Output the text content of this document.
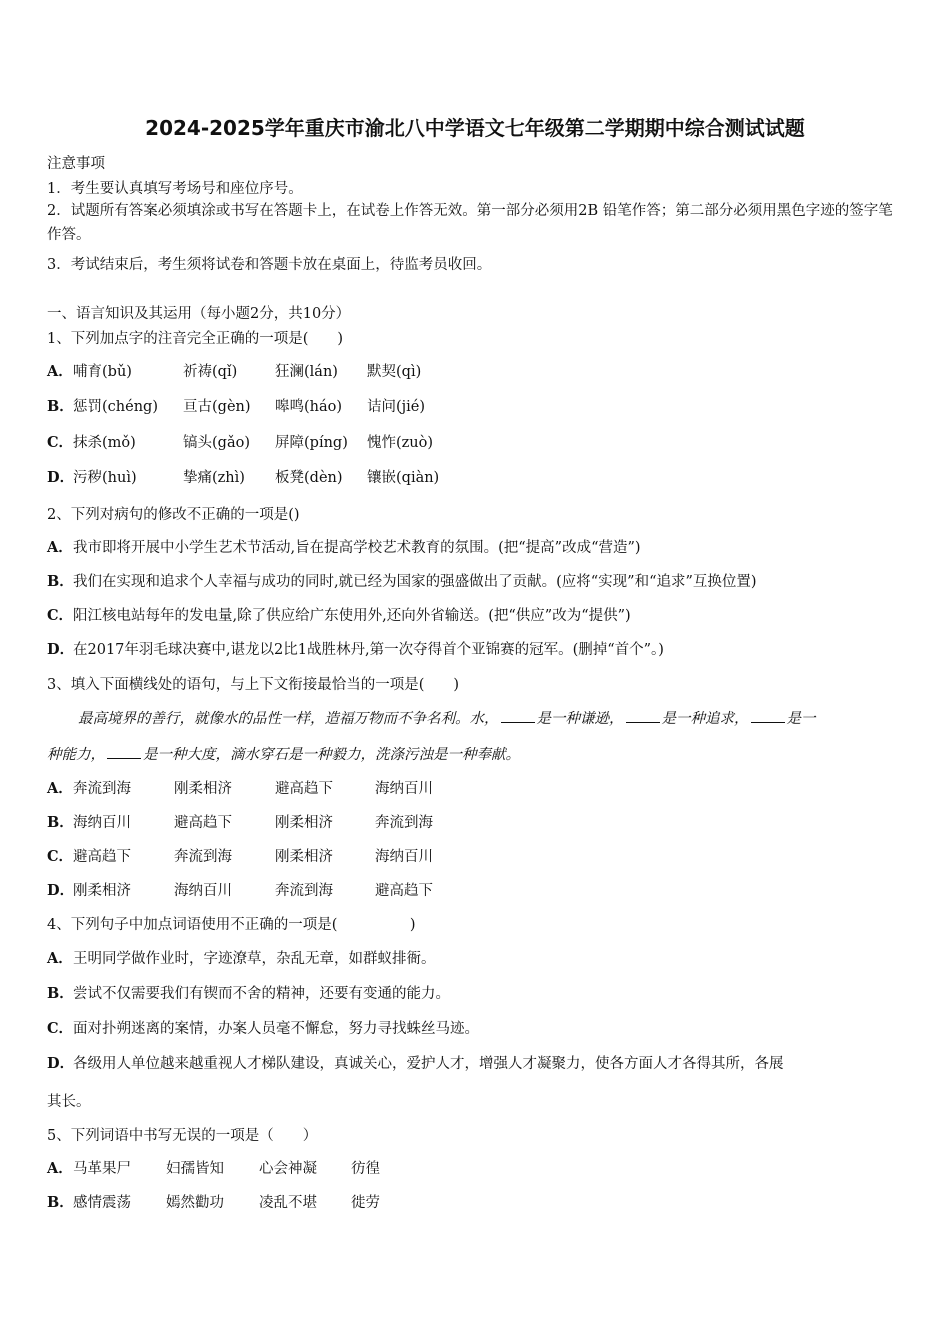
2024-2025学年重庆市渝北八中学语文七年级第二学期期中综合测试试题
注意事项
1．考生要认真填写考场号和座位序号。
2．试题所有答案必须填涂或书写在答题卡上，在试卷上作答无效。第一部分必须用2B 铅笔作答；第二部分必须用黑色字迹的签字笔作答。
3．考试结束后，考生须将试卷和答题卡放在桌面上，待监考员收回。
一、语言知识及其运用（每小题2分，共10分）
1、下列加点字的注音完全正确的一项是(　　)
A．哺育(bǔ)	祈祷(qǐ)	狂澜(lán) 默契(qì)
B．惩罚(chéng) 亘古(gèn) 嗥鸣(háo) 诘问(jié)
C．抹杀(mǒ)	镐头(gǎo) 屏障(píng) 愧怍(zuò)
D．污秽(huì)	挚痛(zhì) 板凳(dèn) 镶嵌(qiàn)
2、下列对病句的修改不正确的一项是()
A．我市即将开展中小学生艺术节活动,旨在提高学校艺术教育的氛围。(把“提高”改成“营造”)
B．我们在实现和追求个人幸福与成功的同时,就已经为国家的强盛做出了贡献。(应将“实现”和“追求”互换位置)
C．阳江核电站每年的发电量,除了供应给广东使用外,还向外省输送。(把“供应”改为“提供”)
D．在2017年羽毛球决赛中,谌龙以2比1战胜林丹,第一次夺得首个亚锦赛的冠军。(删掉“首个”。)
3、填入下面横线处的语句，与上下文衔接最恰当的一项是(　　)
最高境界的善行，就像水的品性一样，造福万物而不争名利。水，	是一种谦逊，	是一种追求，	是一
种能力，	是一种大度，滴水穿石是一种毅力，洗涤污浊是一种奉献。
A．奔流到海	刚柔相济	避高趋下	海纳百川
B．海纳百川	避高趋下	刚柔相济	奔流到海
C．避高趋下	奔流到海	刚柔相济	海纳百川
D．刚柔相济	海纳百川	奔流到海	避高趋下
4、下列句子中加点词语使用不正确的一项是(　　　　　)
A．王明同学做作业时，字迹潦草，杂乱无章，如群蚁排衙。
B．尝试不仅需要我们有锲而不舍的精神，还要有变通的能力。
C．面对扑朔迷离的案情，办案人员毫不懈怠，努力寻找蛛丝马迹。
D．各级用人单位越来越重视人才梯队建设，真诚关心，爱护人才，增强人才凝聚力，使各方面人才各得其所，各展
其长。
5、下列词语中书写无误的一项是（　　）
A．马革果尸 妇孺皆知 心会神凝 彷徨
B．感情震荡 嫣然勸功 凌乱不堪 徙劳
